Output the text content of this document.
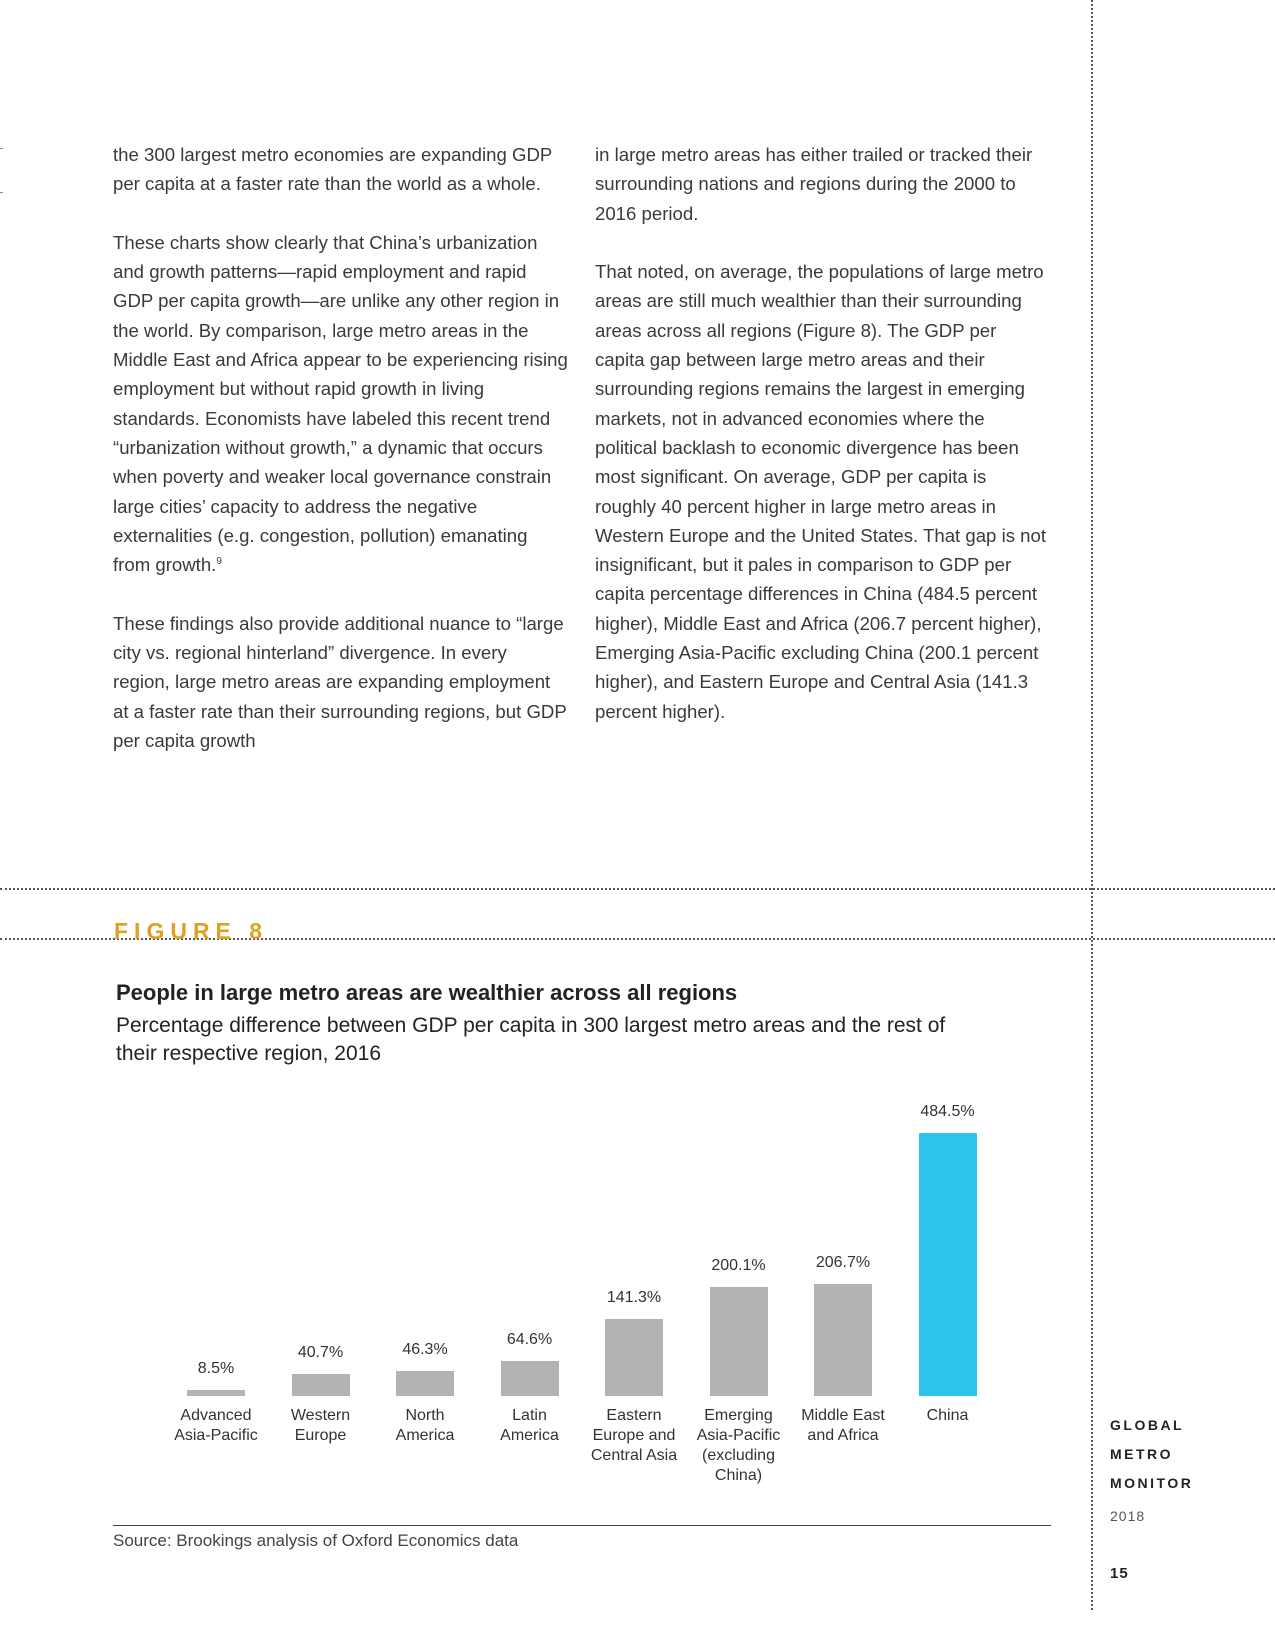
the 300 largest metro economies are expanding GDP per capita at a faster rate than the world as a whole.

These charts show clearly that China’s urbanization and growth patterns—rapid employment and rapid GDP per capita growth—are unlike any other region in the world. By comparison, large metro areas in the Middle East and Africa appear to be experiencing rising employment but without rapid growth in living standards. Economists have labeled this recent trend “urbanization without growth,” a dynamic that occurs when poverty and weaker local governance constrain large cities’ capacity to address the negative externalities (e.g. congestion, pollution) emanating from growth.$^9$

These findings also provide additional nuance to “large city vs. regional hinterland” divergence. In every region, large metro areas are expanding employment at a faster rate than their surrounding regions, but GDP per capita growth

in large metro areas has either trailed or tracked their surrounding nations and regions during the 2000 to 2016 period.

That noted, on average, the populations of large metro areas are still much wealthier than their surrounding areas across all regions (Figure 8). The GDP per capita gap between large metro areas and their surrounding regions remains the largest in emerging markets, not in advanced economies where the political backlash to economic divergence has been most significant. On average, GDP per capita is roughly 40 percent higher in large metro areas in Western Europe and the United States. That gap is not insignificant, but it pales in comparison to GDP per capita percentage differences in China (484.5 percent higher), Middle East and Africa (206.7 percent higher), Emerging Asia-Pacific excluding China (200.1 percent higher), and Eastern Europe and Central Asia (141.3 percent higher).

FIGURE 8
People in large metro areas are wealthier across all regions
Percentage difference between GDP per capita in 300 largest metro areas and the rest of their respective region, 2016
8.5%
Advanced
Asia-Pacific
40.7%
Western
Europe
46.3%
North
America
64.6%
Latin
America
141.3%
Eastern
Europe and
Central Asia
200.1%
Emerging
Asia-Pacific
(excluding
China)
206.7%
Middle East
and Africa
484.5%
China
Source: Brookings analysis of Oxford Economics data
GLOBAL
METRO
MONITOR
2018
15
